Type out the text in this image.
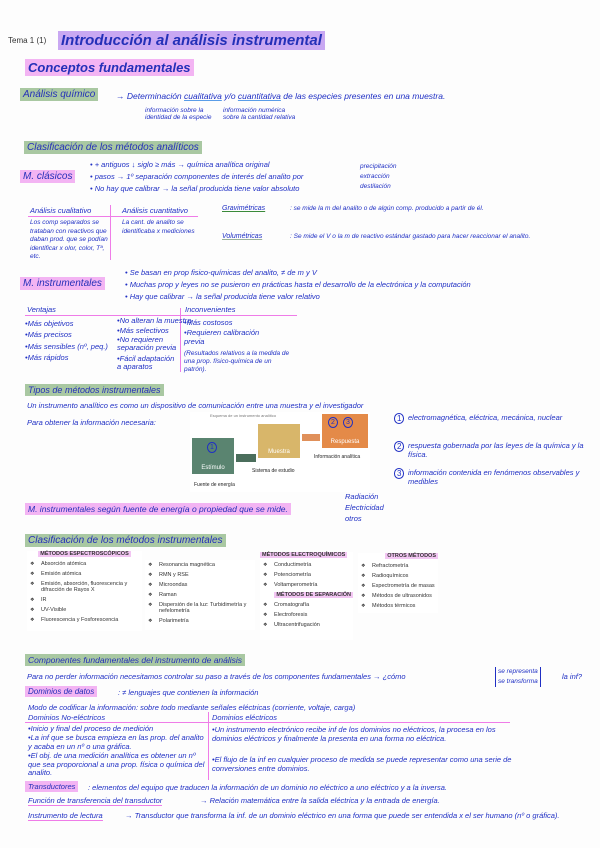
Tema 1 (1) Introducción al análisis instrumental
Conceptos fundamentales
Análisis químico	→ Determinación cualitativa y/o cuantitativa de las especies presentes en una muestra.
información sobre la identidad de la especie
información numérica sobre la cantidad relativa
Clasificación de los métodos analíticos
M. clásicos
• + antiguos ↓ siglo ≥ más → química analítica original
• pasos → 1º separación componentes de interés del analito por
• No hay que calibrar → la señal producida tiene valor absoluto
precipitación
extracción
destilación
Análisis cualitativo	Análisis cuantitativo
Los comp separados se trataban con reactivos que daban prod. que se podían identificar x olor, color, Tª, etc.
La cant. de analito se identificaba x mediciones
Gravimétricas	: se mide la m del analito o de algún comp. producido a partir de él.
Volumétricas	: Se mide el V o la m de reactivo estándar gastado para hacer reaccionar el analito.
M. instrumentales
• Se basan en prop fisico-químicas del analito, ≠ de m y V
• Muchas prop y leyes no se pusieron en prácticas hasta el desarrollo de la electrónica y la computación
• Hay que calibrar → la señal producida tiene valor relativo
Ventajas	Inconvenientes
•Más objetivos
•Más precisos
•Más sensibles (nº, peq.)
•Más rápidos
•No alteran la muestra
•Más selectivos
•No requieren separación previa
•Fácil adaptación a aparatos
•Más costosos
•Requieren calibración previa
(Resultados relativos a la medida de una prop. físico-química de un patrón).
Tipos de métodos instrumentales
Un instrumento analítico es como un dispositivo de comunicación entre una muestra y el investigador
Para obtener la información necesaria:
Esquema de un instrumento analítico
Estímulo
1
Muestra
Respuesta
2	3
Fuente de energía
Sistema de estudio
Información analítica
1 electromagnética, eléctrica, mecánica, nuclear
2 respuesta gobernada por las leyes de la química y la física.
3 información contenida en fenómenos observables y medibles
M. instrumentales según fuente de energía o propiedad que se mide.
Radiación
Electricidad
otros
Clasificación de los métodos instrumentales
MÉTODOS ESPECTROSCÓPICOS
❖ Absorción atómica
❖ Emisión atómica
❖ Emisión, absorción, fluorescencia y difracción de Rayos X
❖ IR
❖ UV-Visible
❖ Fluorescencia y Fosforescencia
❖ Resonancia magnética
❖ RMN y RSE
❖ Microondas
❖ Raman
❖ Dispersión de la luz: Turbidimetría y nefelometría
❖ Polarimetría
MÉTODOS ELECTROQUÍMICOS
❖ Conductimetría
❖ Potenciometría
❖ Voltamperometría
MÉTODOS DE SEPARACIÓN
❖ Cromatografía
❖ Electroforesis
❖ Ultracentrifugación
OTROS MÉTODOS
❖ Refractometría
❖ Radioquímicos
❖ Espectrometría de masas
❖ Métodos de ultrasonidos
❖ Métodos térmicos
Componentes fundamentales del instrumento de análisis
Para no perder información necesitamos controlar su paso a través de los componentes fundamentales → ¿cómo
se representa
se transforma
la inf?
Dominios de datos	: ≠ lenguajes que contienen la información
Modo de codificar la información: sobre todo mediante señales eléctricas (corriente, voltaje, carga)
Dominios No-eléctricos	Dominios eléctricos
•Inicio y final del proceso de medición
•La inf que se busca empieza en las prop. del analito y acaba en un nº o una gráfica.
•El obj. de una medición analítica es obtener un nº que sea proporcional a una prop. física o química del analito.
•Un instrumento electrónico recibe inf de los dominios no eléctricos, la procesa en los dominios eléctricos y finalmente la presenta en una forma no eléctrica.
•El flujo de la inf en cualquier proceso de medida se puede representar como una serie de conversiones entre dominios.
Transductores	: elementos del equipo que traducen la información de un dominio no eléctrico a uno eléctrico y a la inversa.
Función de transferencia del transductor	→ Relación matemática entre la salida eléctrica y la entrada de energía.
Instrumento de lectura	→ Transductor que transforma la inf. de un dominio eléctrico en una forma que puede ser entendida x el ser humano (nº o gráfica).
